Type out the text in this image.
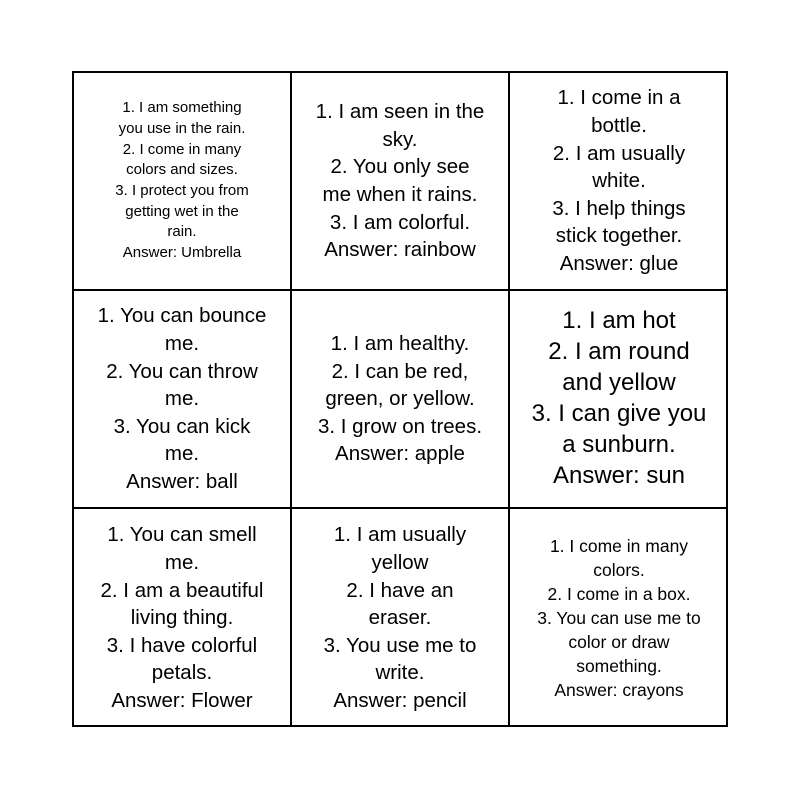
1. I am something
you use in the rain.
2. I come in many
colors and sizes.
3. I protect you from
getting wet in the
rain.
Answer: Umbrella
1. I am seen in the
sky.
2. You only see
me when it rains.
3. I am colorful.
Answer: rainbow
1. I come in a
bottle.
2. I am usually
white.
3. I help things
stick together.
Answer: glue
1. You can bounce
me.
2. You can throw
me.
3. You can kick
me.
Answer: ball
1. I am healthy.
2. I can be red,
green, or yellow.
3. I grow on trees.
Answer: apple
1. I am hot
2. I am round
and yellow
3. I can give you
a sunburn.
Answer: sun
1. You can smell
me.
2. I am a beautiful
living thing.
3. I have colorful
petals.
Answer: Flower
1. I am usually
yellow
2. I have an
eraser.
3. You use me to
write.
Answer: pencil
1. I come in many
colors.
2. I come in a box.
3. You can use me to
color or draw
something.
Answer: crayons
